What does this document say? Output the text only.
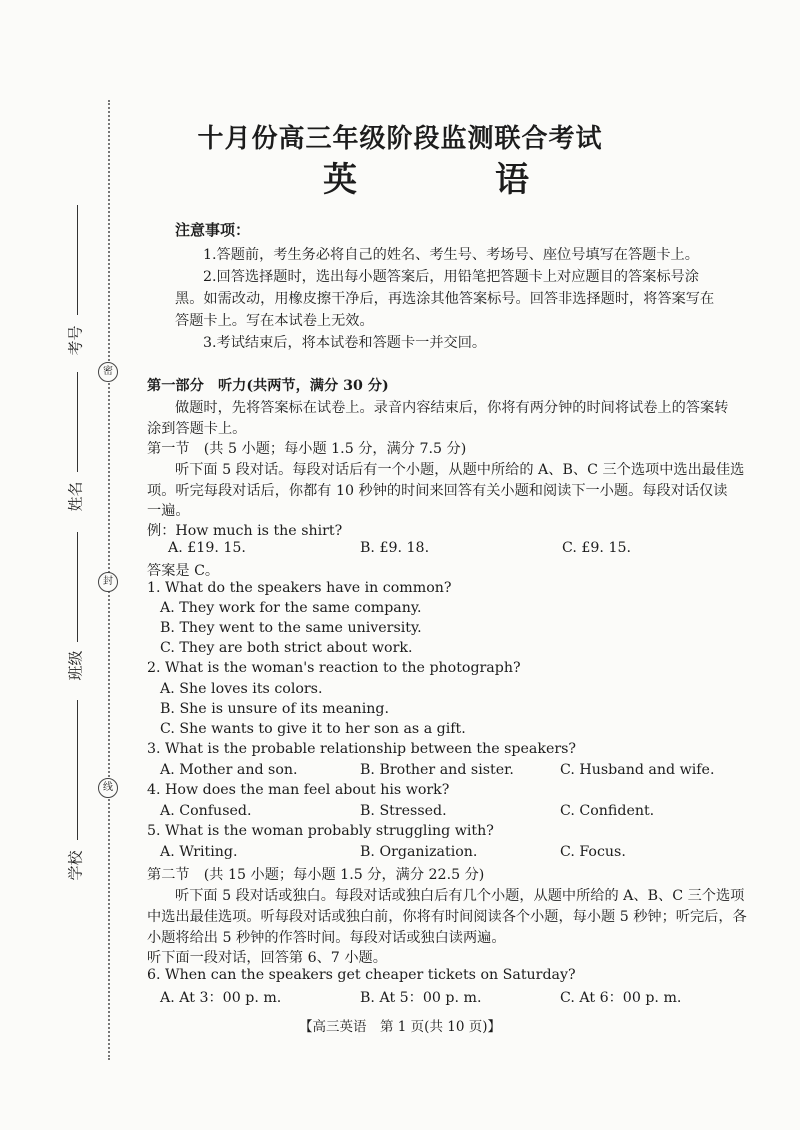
密
封
线
考号
姓名
班级
学校
十月份高三年级阶段监测联合考试
英　语
注意事项：
1.答题前，考生务必将自己的姓名、考生号、考场号、座位号填写在答题卡上。
2.回答选择题时，选出每小题答案后，用铅笔把答题卡上对应题目的答案标号涂
黑。如需改动，用橡皮擦干净后，再选涂其他答案标号。回答非选择题时，将答案写在
答题卡上。写在本试卷上无效。
3.考试结束后，将本试卷和答题卡一并交回。
第一部分　听力(共两节，满分 30 分)
做题时，先将答案标在试卷上。录音内容结束后，你将有两分钟的时间将试卷上的答案转
涂到答题卡上。
第一节　(共 5 小题；每小题 1.5 分，满分 7.5 分)
听下面 5 段对话。每段对话后有一个小题，从题中所给的 A、B、C 三个选项中选出最佳选
项。听完每段对话后，你都有 10 秒钟的时间来回答有关小题和阅读下一小题。每段对话仅读
一遍。
例：How much is the shirt?
A. £19. 15.	B. £9. 18.	C. £9. 15.
答案是 C。
1. What do the speakers have in common?
A. They work for the same company.
B. They went to the same university.
C. They are both strict about work.
2. What is the woman's reaction to the photograph?
A. She loves its colors.
B. She is unsure of its meaning.
C. She wants to give it to her son as a gift.
3. What is the probable relationship between the speakers?
A. Mother and son.	B. Brother and sister.	C. Husband and wife.
4. How does the man feel about his work?
A. Confused.	B. Stressed.	C. Confident.
5. What is the woman probably struggling with?
A. Writing.	B. Organization.	C. Focus.
第二节　(共 15 小题；每小题 1.5 分，满分 22.5 分)
听下面 5 段对话或独白。每段对话或独白后有几个小题，从题中所给的 A、B、C 三个选项
中选出最佳选项。听每段对话或独白前，你将有时间阅读各个小题，每小题 5 秒钟；听完后，各
小题将给出 5 秒钟的作答时间。每段对话或独白读两遍。
听下面一段对话，回答第 6、7 小题。
6. When can the speakers get cheaper tickets on Saturday?
A. At 3：00 p. m.	B. At 5：00 p. m.	C. At 6：00 p. m.
【高三英语　第 1 页(共 10 页)】
